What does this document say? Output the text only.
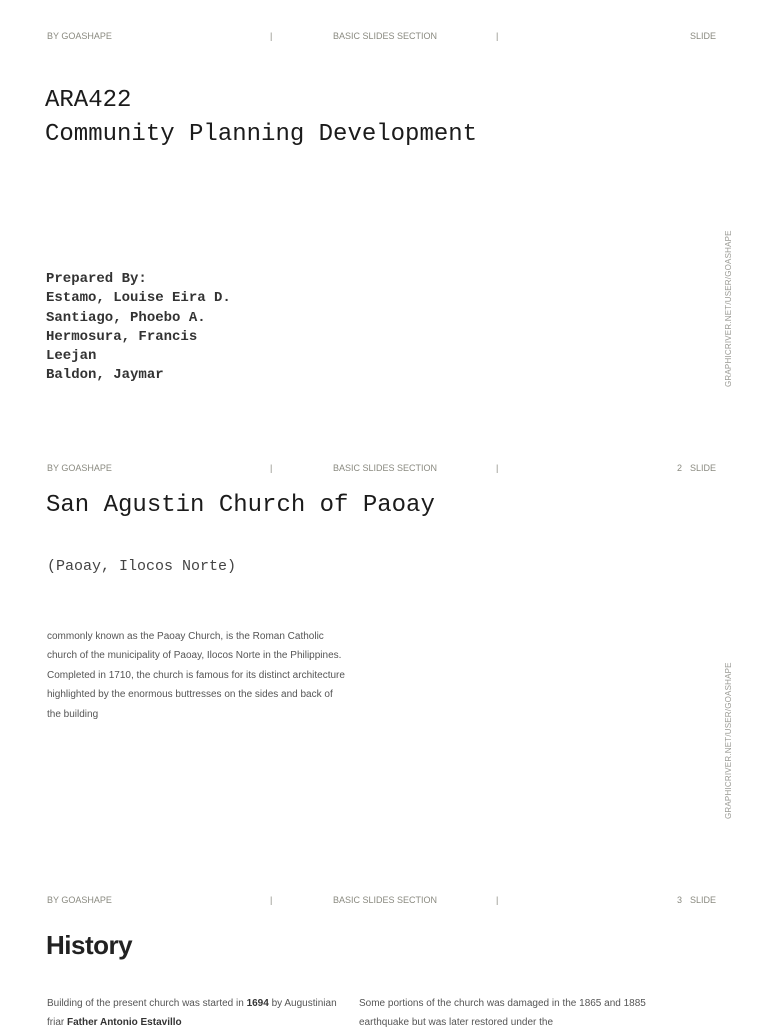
BY GOASHAPE	|	BASIC SLIDES SECTION	|	SLIDE
ARA422
Community Planning Development
Prepared By:
Estamo, Louise Eira D.
Santiago, Phoebo A.
Hermosura, Francis Leejan
Baldon, Jaymar	GRAPHICRIVER.NET/USER/GOASHAPE
BY GOASHAPE	|	BASIC SLIDES SECTION	|	2 SLIDE
San Agustin Church of Paoay
(Paoay, Ilocos Norte)
commonly known as the Paoay Church, is the Roman Catholic church of the municipality of Paoay, Ilocos Norte in the Philippines. Completed in 1710, the church is famous for its distinct architecture highlighted by the enormous buttresses on the sides and back of the building	GRAPHICRIVER.NET/USER/GOASHAPE
BY GOASHAPE	|	BASIC SLIDES SECTION	|	3 SLIDE
History
Building of the present church was started in 1694 by Augustinian friar Father Antonio Estavillo
Some portions of the church was damaged in the 1865 and 1885 earthquake but was later restored under the
